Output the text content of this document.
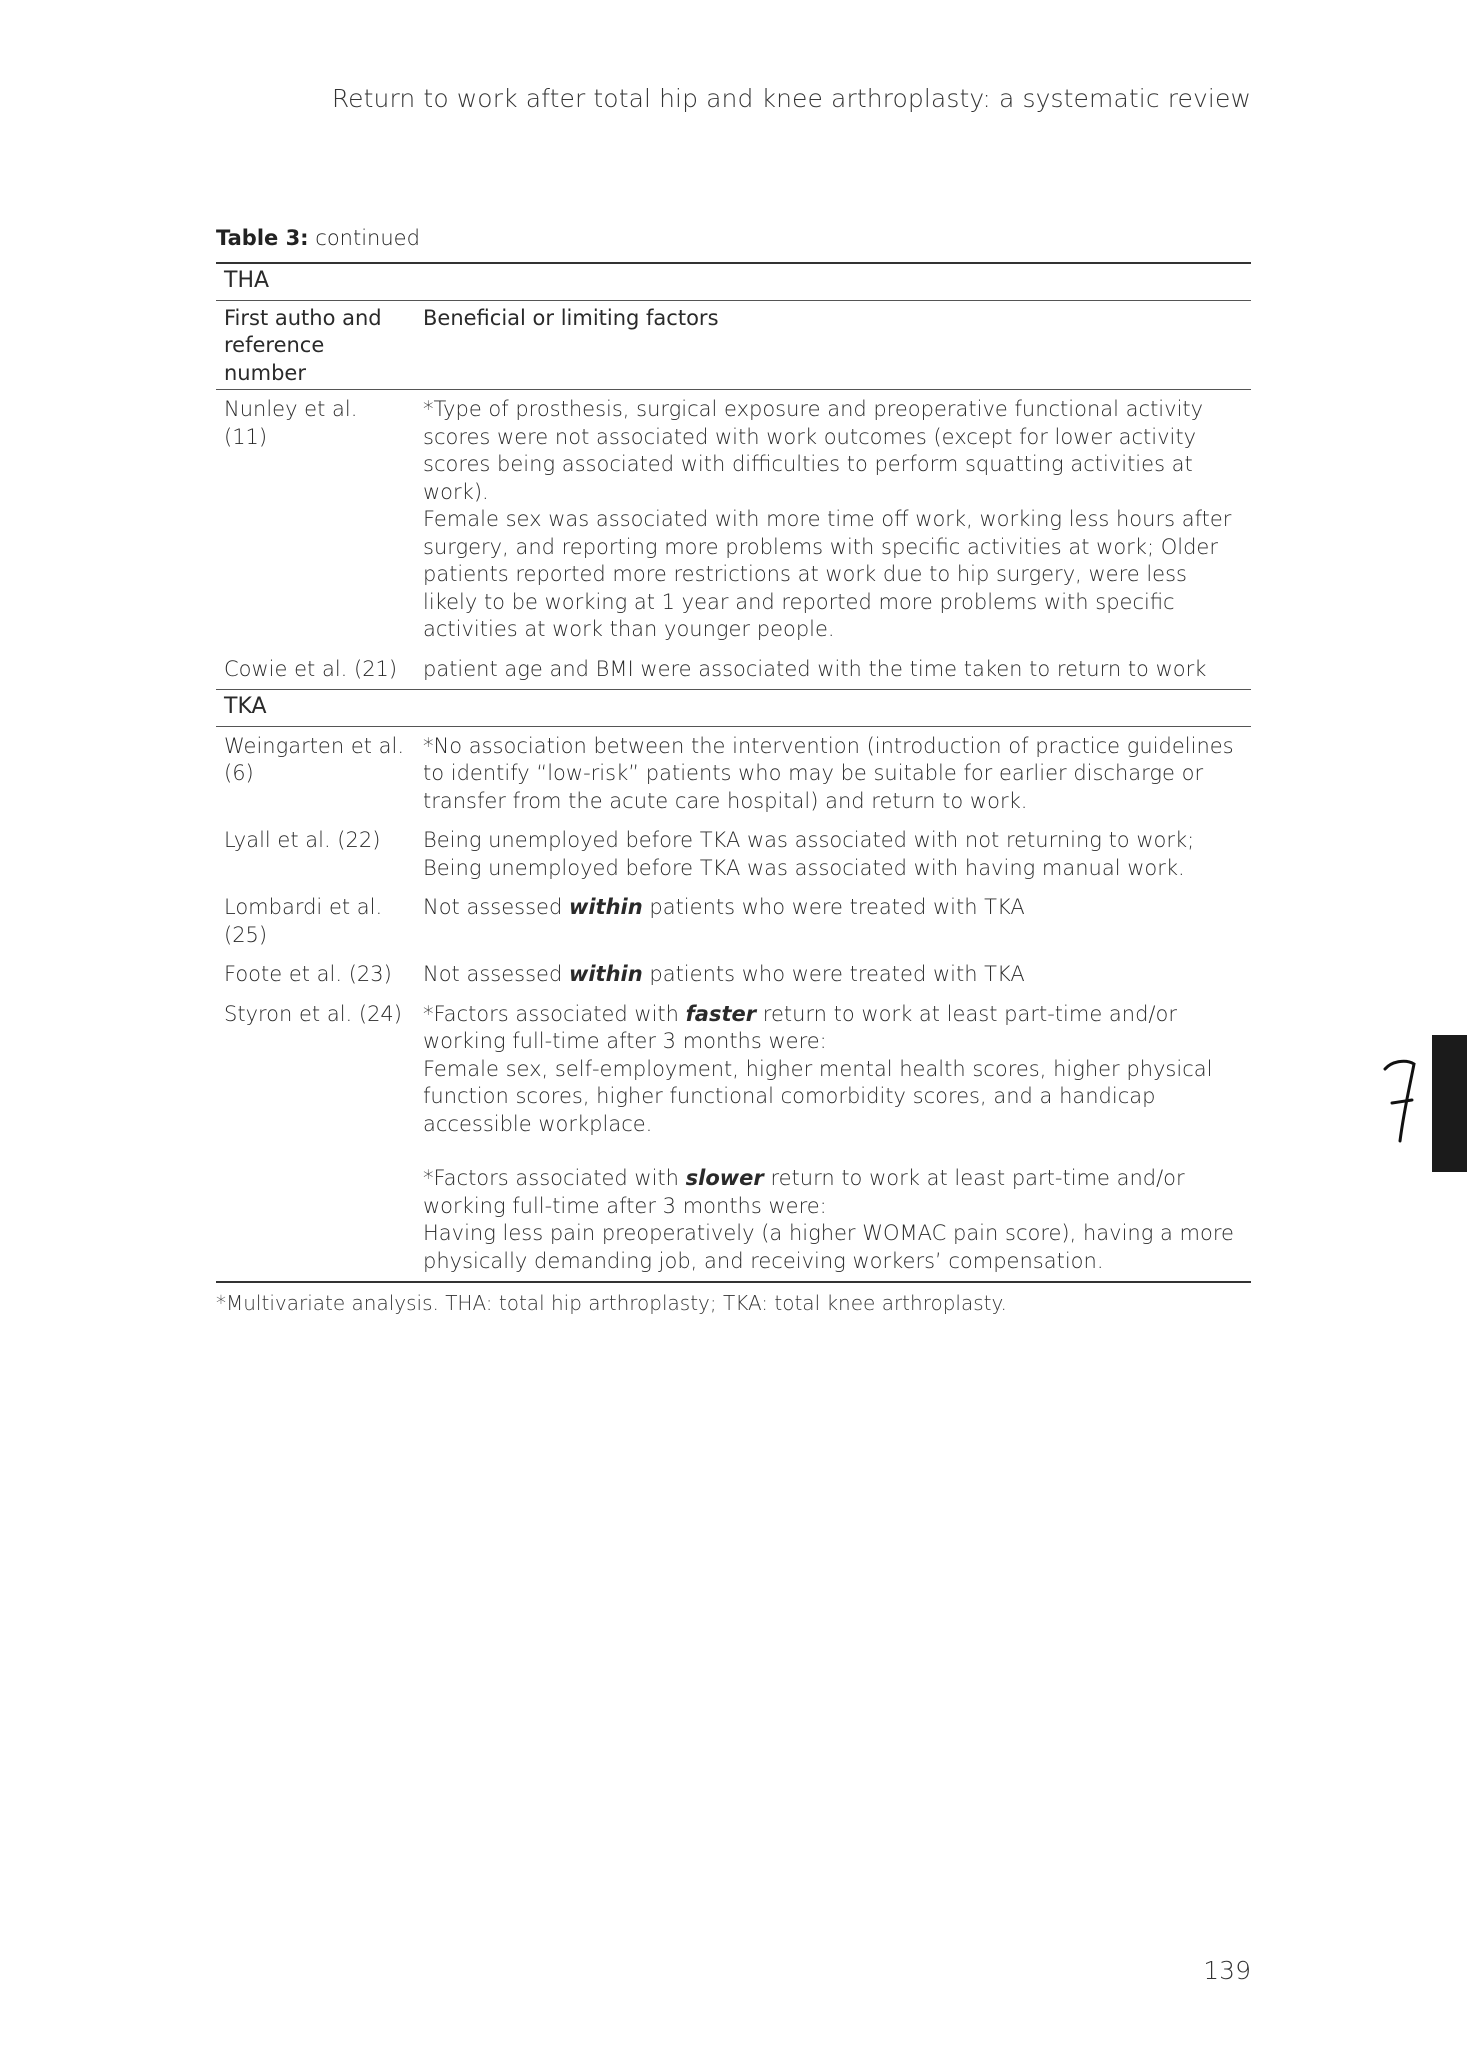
Return to work after total hip and knee arthroplasty: a systematic review
Table 3: continued
THA	
First autho and reference number	Beneficial or limiting factors
Nunley et al. (11)	*Type of prosthesis, surgical exposure and preoperative functional activity scores were not associated with work outcomes (except for lower activity scores being associated with difficulties to perform squatting activities at work).
Female sex was associated with more time off work, working less hours after surgery, and reporting more problems with specific activities at work; Older patients reported more restrictions at work due to hip surgery, were less likely to be working at 1 year and reported more problems with specific activities at work than younger people.

Cowie et al. (21)	patient age and BMI were associated with the time taken to return to work
TKA	
Weingarten et al. (6)	*No association between the intervention (introduction of practice guidelines to identify “low-risk” patients who may be suitable for earlier discharge or transfer from the acute care hospital) and return to work.
Lyall et al. (22)	Being unemployed before TKA was associated with not returning to work; Being unemployed before TKA was associated with having manual work.
Lombardi et al. (25)	Not assessed within patients who were treated with TKA
Foote et al. (23)	Not assessed within patients who were treated with TKA
Styron et al. (24)	*Factors associated with faster return to work at least part-time and/or working full-time after 3 months were:
Female sex, self-employment, higher mental health scores, higher physical function scores, higher functional comorbidity scores, and a handicap accessible workplace.
*Factors associated with slower return to work at least part-time and/or working full-time after 3 months were:
Having less pain preoperatively (a higher WOMAC pain score), having a more physically demanding job, and receiving workers’ compensation.
*Multivariate analysis. THA: total hip arthroplasty; TKA: total knee arthroplasty.
139
